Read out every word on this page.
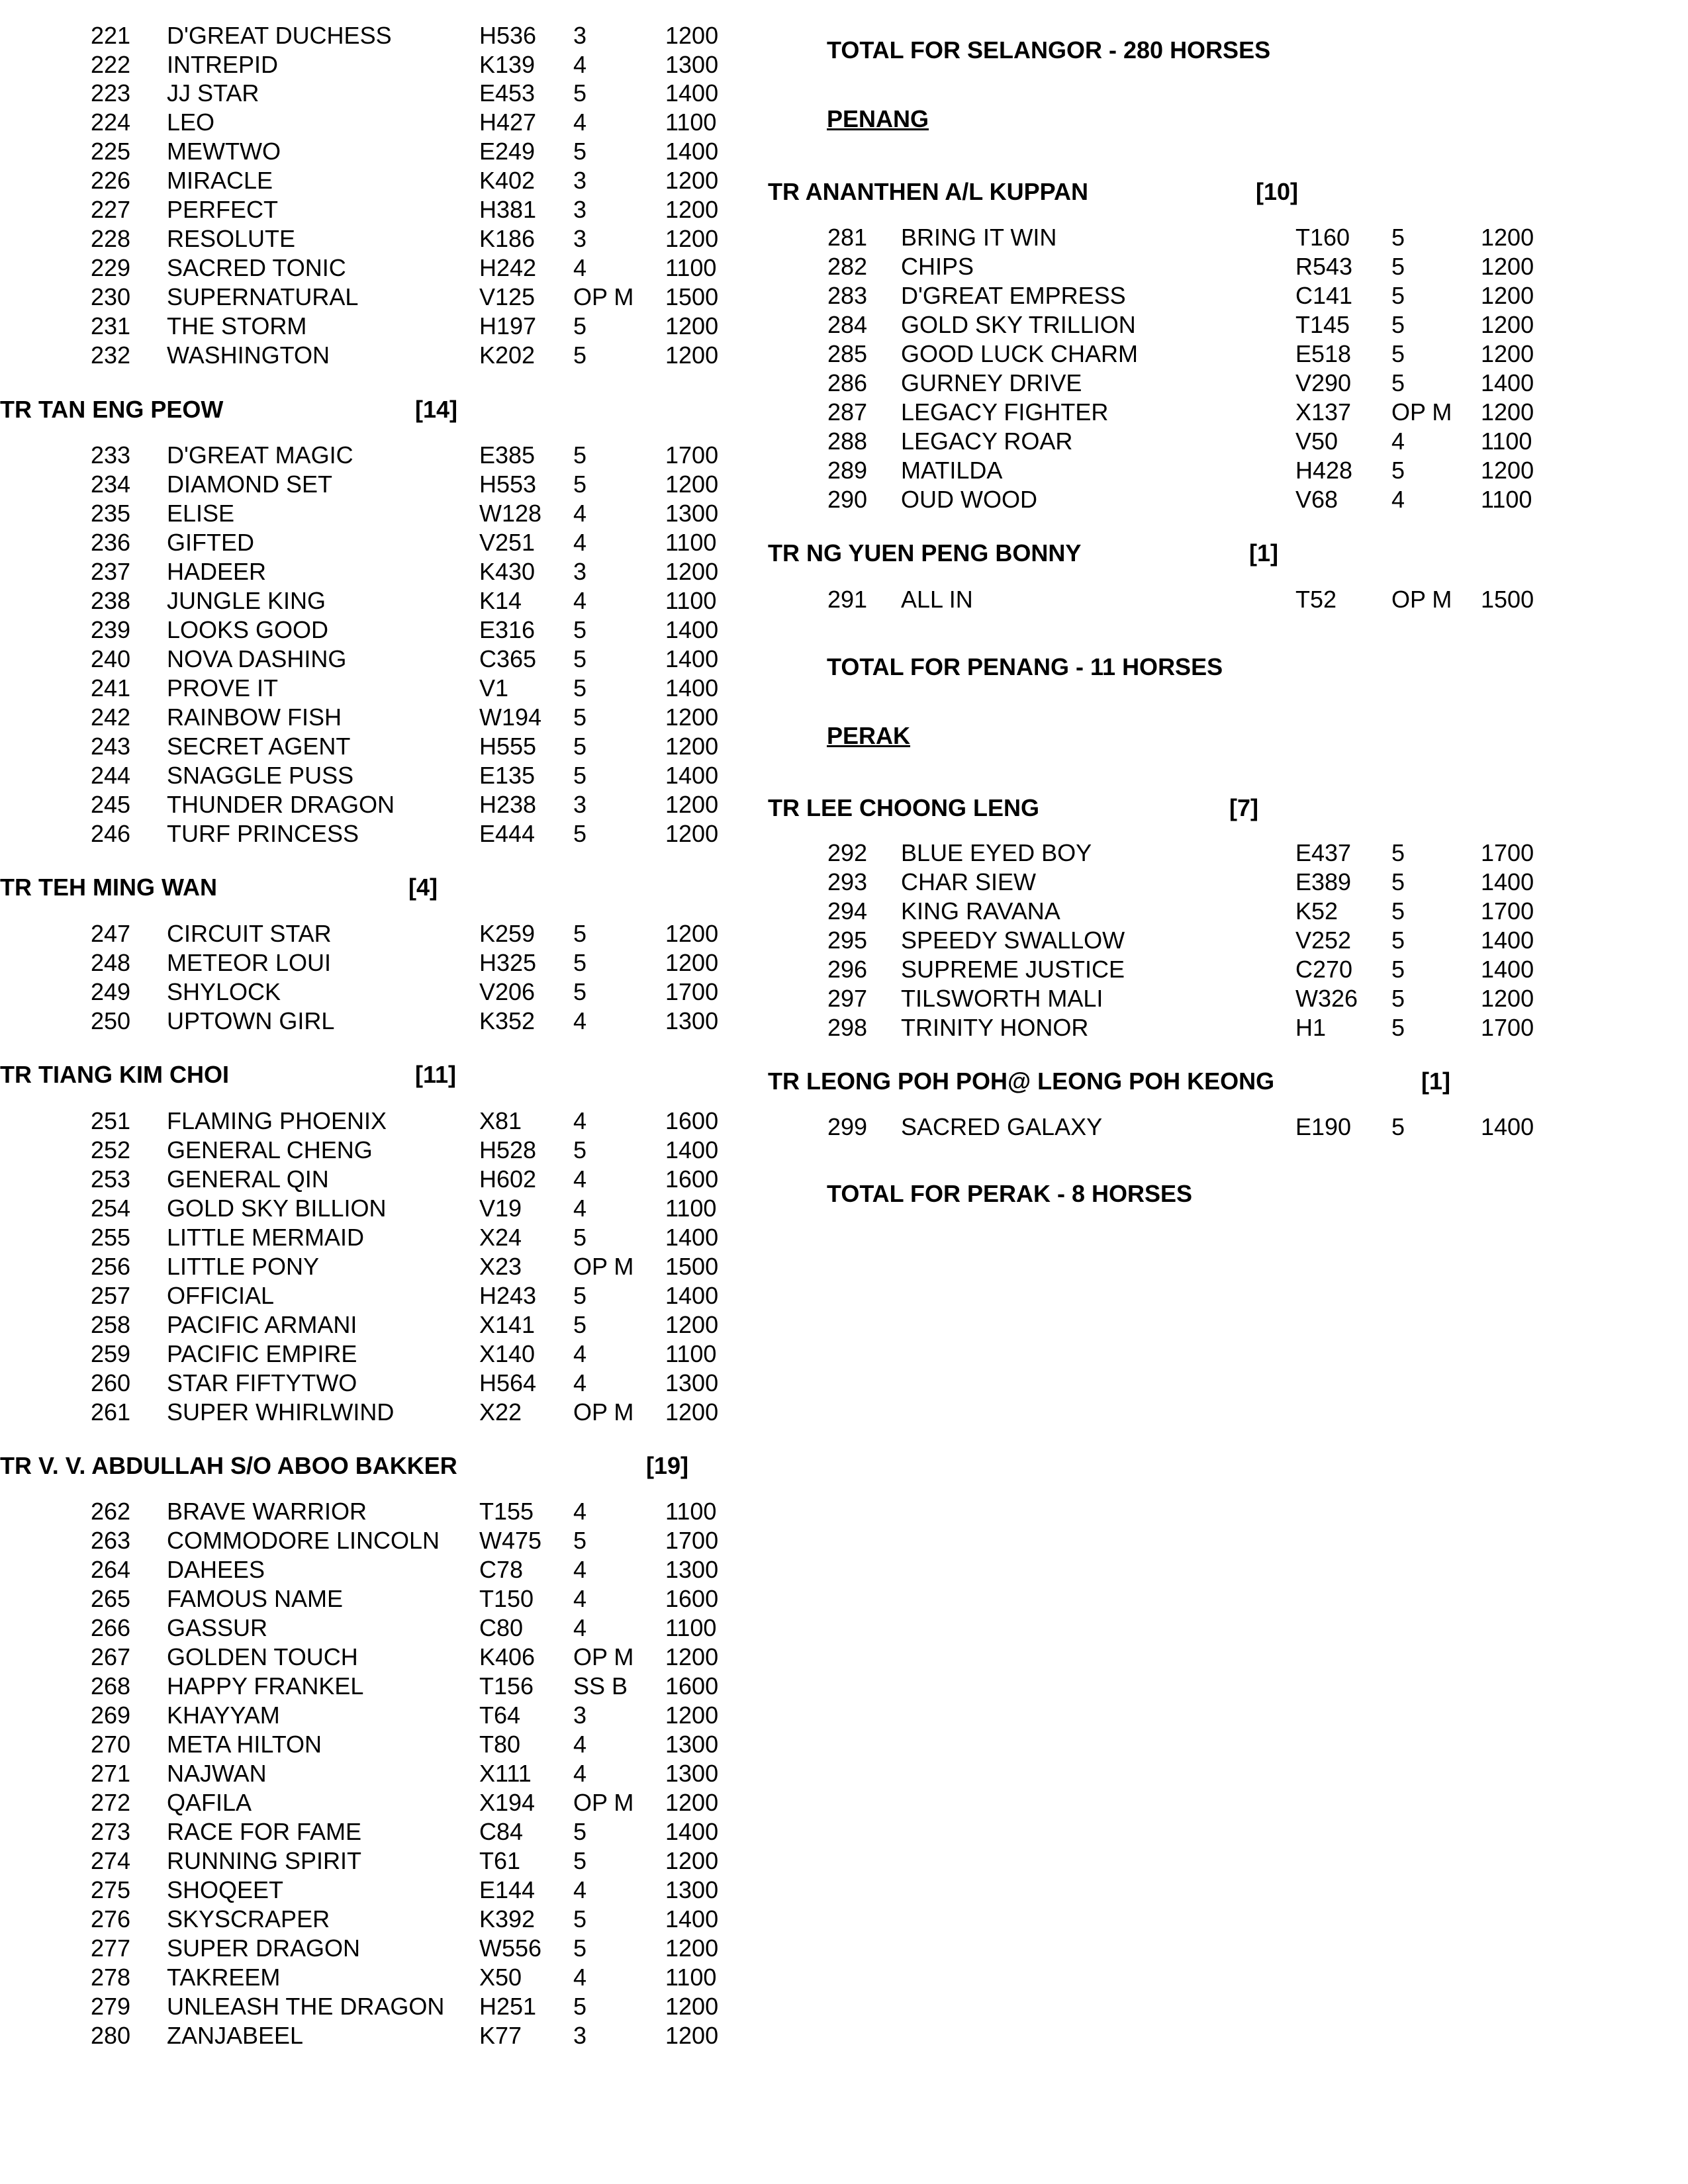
221 D'GREAT DUCHESS	H536 3	1200
222 INTREPID	K139 4	1300
223 JJ STAR	E453 5	1400
224 LEO	H427 4	1100
225 MEWTWO	E249 5	1400
226 MIRACLE	K402 3	1200
227 PERFECT	H381 3	1200
228 RESOLUTE	K186 3	1200
229 SACRED TONIC	H242 4	1100
230 SUPERNATURAL	V125 OP M 1500
231 THE STORM	H197 5	1200
232 WASHINGTON	K202 5	1200
TR TAN ENG PEOW	[14]
233 D'GREAT MAGIC	E385 5	1700
234 DIAMOND SET	H553 5	1200
235 ELISE	W128 4	1300
236 GIFTED	V251 4	1100
237 HADEER	K430 3	1200
238 JUNGLE KING	K14 4	1100
239 LOOKS GOOD	E316 5	1400
240 NOVA DASHING	C365 5	1400
241 PROVE IT	V1	5	1400
242 RAINBOW FISH	W194 5	1200
243 SECRET AGENT	H555 5	1200
244 SNAGGLE PUSS	E135 5	1400
245 THUNDER DRAGON	H238 3	1200
246 TURF PRINCESS	E444 5	1200
TR TEH MING WAN	[4]
247 CIRCUIT STAR	K259 5	1200
248 METEOR LOUI	H325 5	1200
249 SHYLOCK	V206 5	1700
250 UPTOWN GIRL	K352 4	1300
TR TIANG KIM CHOI	[11]
251 FLAMING PHOENIX	X81 4	1600
252 GENERAL CHENG	H528 5	1400
253 GENERAL QIN	H602 4	1600
254 GOLD SKY BILLION	V19 4	1100
255 LITTLE MERMAID	X24 5	1400
256 LITTLE PONY	X23 OP M 1500
257 OFFICIAL	H243 5	1400
258 PACIFIC ARMANI	X141 5	1200
259 PACIFIC EMPIRE	X140 4	1100
260 STAR FIFTYTWO	H564 4	1300
261 SUPER WHIRLWIND	X22 OP M 1200
TR V. V. ABDULLAH S/O ABOO BAKKER	[19]
262 BRAVE WARRIOR	T155 4	1100
263 COMMODORE LINCOLN W475 5	1700
264 DAHEES	C78 4	1300
265 FAMOUS NAME	T150 4	1600
266 GASSUR	C80 4	1100
267 GOLDEN TOUCH	K406 OP M 1200
268 HAPPY FRANKEL	T156 SS B 1600
269 KHAYYAM	T64 3	1200
270 META HILTON	T80 4	1300
271 NAJWAN	X111 4	1300
272 QAFILA	X194 OP M 1200
273 RACE FOR FAME	C84 5	1400
274 RUNNING SPIRIT	T61 5	1200
275 SHOQEET	E144 4	1300
276 SKYSCRAPER	K392 5	1400
277 SUPER DRAGON	W556 5	1200
278 TAKREEM	X50 4	1100
279 UNLEASH THE DRAGON H251 5	1200
280 ZANJABEEL	K77 3	1200
TOTAL FOR SELANGOR - 280 HORSES
PENANG
TR ANANTHEN A/L KUPPAN	[10]
281 BRING IT WIN	T160 5	1200
282 CHIPS	R543 5	1200
283 D'GREAT EMPRESS	C141 5	1200
284 GOLD SKY TRILLION	T145 5	1200
285 GOOD LUCK CHARM	E518 5	1200
286 GURNEY DRIVE	V290 5	1400
287 LEGACY FIGHTER	X137 OP M 1200
288 LEGACY ROAR	V50 4	1100
289 MATILDA	H428 5	1200
290 OUD WOOD	V68 4	1100
TR NG YUEN PENG BONNY	[1]
291 ALL IN	T52 OP M 1500
TOTAL FOR PENANG - 11 HORSES
PERAK
TR LEE CHOONG LENG	[7]
292 BLUE EYED BOY	E437 5	1700
293 CHAR SIEW	E389 5	1400
294 KING RAVANA	K52 5	1700
295 SPEEDY SWALLOW	V252 5	1400
296 SUPREME JUSTICE	C270 5	1400
297 TILSWORTH MALI	W326 5	1200
298 TRINITY HONOR	H1	5	1700
TR LEONG POH POH@ LEONG POH KEONG	[1]
299 SACRED GALAXY	E190 5	1400
TOTAL FOR PERAK - 8 HORSES
